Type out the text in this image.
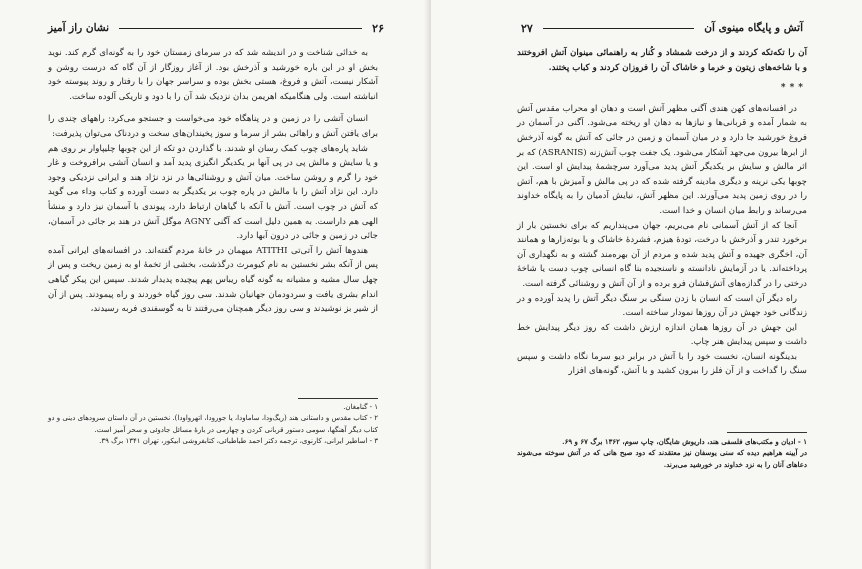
۲۶
نشان راز آمیز

به خدائی شناخت و در اندیشه شد که در سرمای زمستان خود را به گونه‌ای گرم کند. نوید بخش او در این باره خورشید و آذرخش بود. از آغاز روزگار از آن گاه که درست روشن و آشکار نیست، آتش و فروغ، هستی بخش بوده و سراسر جهان را با رفتار و روند پیوسته خود انباشته است. ولی هنگامیکه اهریمن بدان نزدیک شد آن را با دود و تاریکی آلوده ساخت.

انسان آتشی را در زمین و در پناهگاه خود می‌خواست و جستجو می‌کرد: راههای چندی را برای یافتن آتش و راهائی بشر از سرما و سوز پخیندان‌های سخت و دردناک می‌توان پذیرفت:

شاید پاره‌های چوب کمک رسان او شدند. با گذاردن دو تکه از این چوبها چلیپاوار بر روی هم و یا سایش و مالش پی در پی آنها بر یکدیگر انگیزی پدید آمد و انسان آتشی برافروخت و غار خود را گرم و روشن ساخت. میان آتش و روشنائی‌ها در نزد نژاد هند و ایرانی نزدیکی وجود دارد. این نژاد آتش را با مالش در پاره چوب بر یکدیگر به دست آورده و کتاب وداء مى گويد كه آتش در چوب است. آتش با آنکه با گیاهان ارتباط دارد، پیوندی با آسمان نیز دارد و منشأ الهی هم داراست. به همین دلیل است که آگنی AGNY موگل آتش در هند بر جائی در آسمان، جائی در زمین و جائی در درون آبها دارد.

هندوها آتش را آتی‌تی ATITHI میهمان در خانهٔ مردم گفته‌اند. در افسانه‌های ایرانی آمده پس از آنکه بشر نخستین به نام کیومرث درگذشت، بخشی از تخمهٔ او به زمین ریخت و پس از چهل سال مشیه و مشیانه به گونه گیاه ریباس پهم پیچیده پدیدار شدند. سپس این پیکر گیاهی اندام بشری یافت و سردودمان جهانیان شدند. سی روز گیاه خوردند و راه پیمودند. پس از آن از شیر بز نوشیدند و سی روز دیگر همچنان می‌رفتند تا به گوسفندی فربه رسیدند،

۱ - گنامغان.
۲ - کتاب مقدس و داستانی هند (ریگ‌ودا، ساماودا، یا جورودا، اتهرواودا). نخستین در آن داستان سرودهای دینی و دو کتاب دیگر آهنگها، سومی دستور قربانی کردن و چهارمی در بارهٔ مسائل جادوئی و سحر آمیز است.
۳ - اساطیر ایرانی، کارنوی، ترجمه دکتر احمد طباطبائی، کتابفروشی ابیکور، تهران ۱۳۴۱ برگ ۳۹.
آتش و پایگاه مینوی آن
۲۷

آن را تکه‌تکه کردند و از درخت شمشاد و کُنار به راهنمائی مینوان آتش افروختند و با شاخه‌های زیتون و خرما و خاشاک آن را فروزان کردند و کباب پختند.

***

در افسانه‌های کهن هندی آگنی مظهر آتش است و دهان او محراب مقدس آتش به شمار آمده و قربانی‌ها و نیازها به دهان او ریخته می‌شود. آگنی در آسمان در فروغ خورشید جا دارد و در میان آسمان و زمین در جائی که آتش به گونه آذرخش از ابرها بیرون می‌جهد آشکار می‌شود. یک جفت چوب آتش‌زنه (ASRANIS) که بر اثر مالش و سایش بر یکدیگر آتش پدید می‌آورد سرچشمهٔ پیدایش او است. این چوبها یکی نرینه و دیگری مادینه گرفته شده که در پی مالش و آمیزش با هم، آتش را در روی زمین پدید می‌آورند. این مظهر آتش، نیایش آدمیان را به پایگاه خداوند می‌رساند و رابط میان انسان و خدا است.

آنجا که از آتش آسمانی نام می‌بریم، جهان می‌پنداریم که برای نخستین بار از برخورد تندر و آذرخش با درخت، تودهٔ هیزم، فشردهٔ خاشاک و یا بوته‌زارها و همانند آن، اخگری جهیده و آتش پدید شده و مردم از آن بهره‌مند گشته و به نگهداری آن پرداخته‌اند. یا در آزمایش نادانسته و ناسنجیده بنا گاه انسانی چوب دست یا شاخهٔ درختی را در گدازه‌های آتش‌فشان فرو برده و از آن آتش و روشنائی گرفته است.

راه دیگر آن است که انسان با زدن سنگی بر سنگ دیگر آتش را پدید آورده و در زندگانی خود جهش در آن روزها نمودار ساخته است.

این جهش در آن روزها همان اندازه ارزش داشت که روز دیگر پیدایش خط داشت و سپس پیدایش هنر چاپ.

بدینگونه انسان، نخست خود را با آتش در برابر دیو سرما نگاه داشت و سپس سنگ را گداخت و از آن فلز را بیرون کشید و با آتش، گونه‌های افزار

۱ - ادیان و مکتب‌های فلسفی هند، داریوش شایگان، چاپ سوم، ۱۳۶۲ برگ ۶۷ و ۶۹.
در آیینه هراهیم دیده که سنی یوسفان نیز معتقدند که دود صبح هانی که در آتش سوخته می‌شوند دعاهای آنان را به نزد خداوند در خورشید می‌برند.
